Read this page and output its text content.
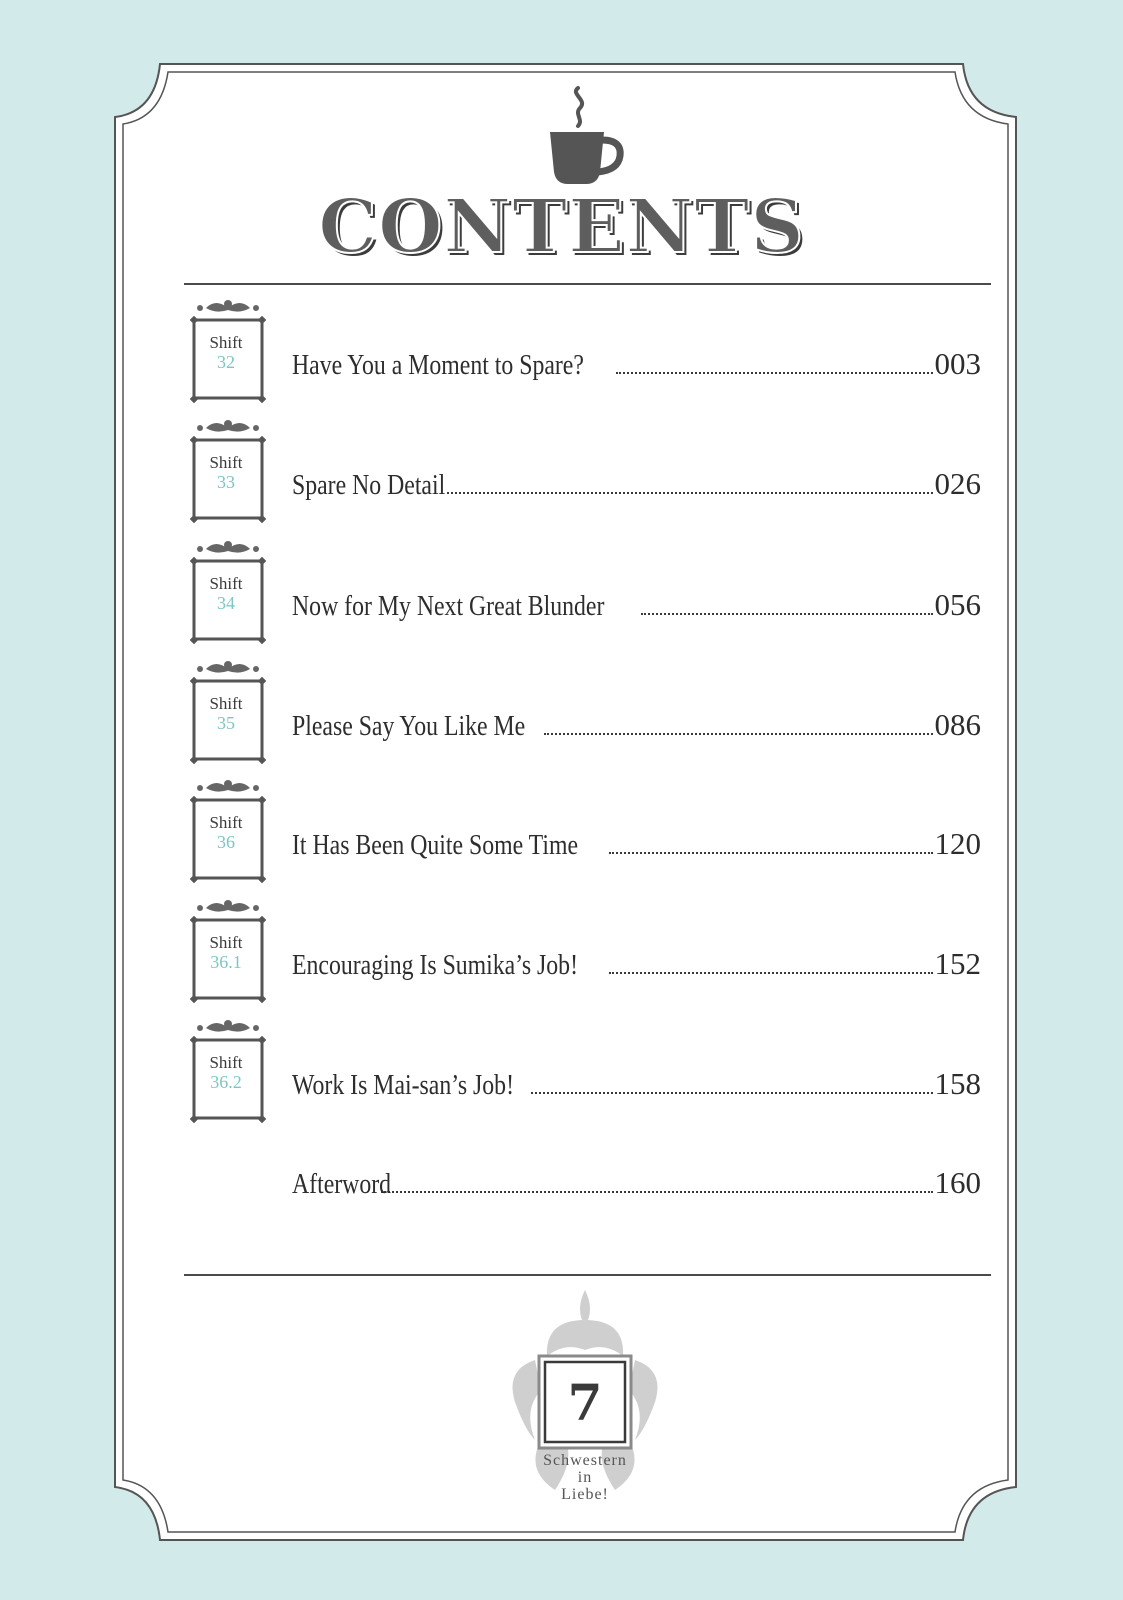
CONTENTS
Shift
32	Have You a Moment to Spare?	003
Shift
33	Spare No Detail	026
Shift
34	Now for My Next Great Blunder	056
Shift
35	Please Say You Like Me	086
Shift
36	It Has Been Quite Some Time	120
Shift
36.1 Encouraging Is Sumika’s Job!	152
Shift
36.2 Work Is Mai-san’s Job!	158
Afterword	160
7
Schwestern
in
Liebe!
